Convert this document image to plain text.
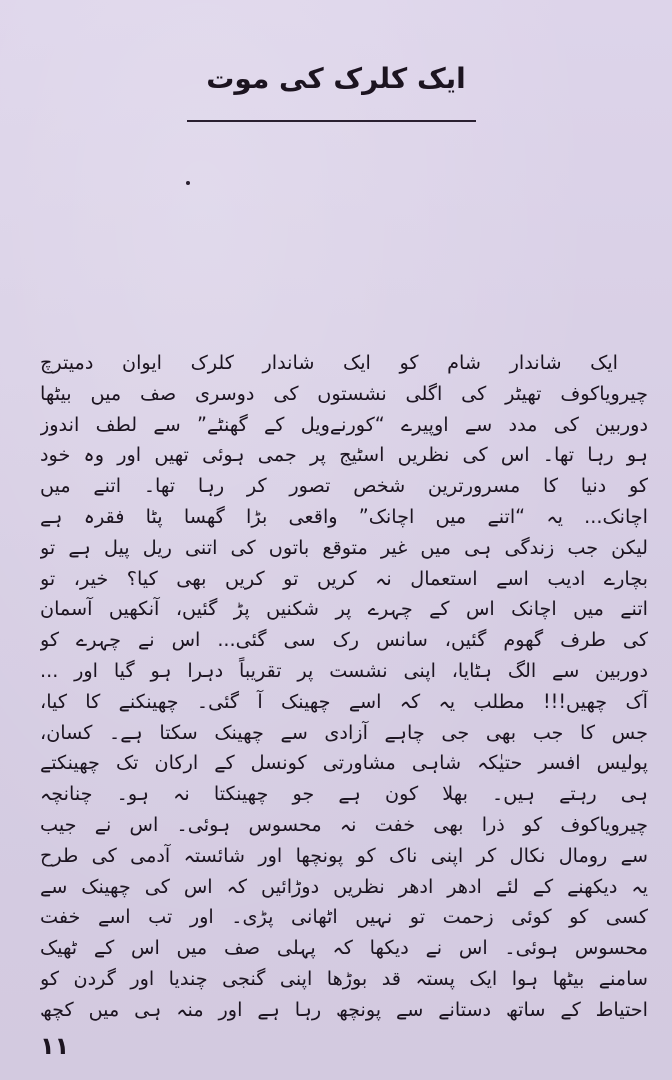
ایک کلرک کی موت
ایک شاندار شام کو ایک شاندار کلرک ایوان دمیترچ
چیرویاکوف تھیٹر کی اگلی نشستوں کی دوسری صف میں بیٹھا
دوربین کی مدد سے اوپیرے “کورنےویل کے گھنٹے” سے لطف اندوز
ہو رہا تھا۔ اس کی نظریں اسٹیج پر جمی ہوئی تھیں اور وہ خود
کو دنیا کا مسرورترین شخص تصور کر رہا تھا۔ اتنے میں
اچانک... یہ “اتنے میں اچانک” واقعی بڑا گھسا پٹا فقرہ ہے
لیکن جب زندگی ہی میں غیر متوقع باتوں کی اتنی ریل پیل ہے تو
بچارے ادیب اسے استعمال نہ کریں تو کریں بھی کیا؟ خیر، تو
اتنے میں اچانک اس کے چہرے پر شکنیں پڑ گئیں، آنکھیں آسمان
کی طرف گھوم گئیں، سانس رک سی گئی... اس نے چہرے کو
دوربین سے الگ ہٹایا، اپنی نشست پر تقریباً دہرا ہو گیا اور ...
آک چھیں!!! مطلب یہ کہ اسے چھینک آ گئی۔ چھینکنے کا کیا،
جس کا جب بھی جی چاہے آزادی سے چھینک سکتا ہے۔ کسان،
پولیس افسر حتیٰکہ شاہی مشاورتی کونسل کے ارکان تک چھینکتے
ہی رہتے ہیں۔ بھلا کون ہے جو چھینکتا نہ ہو۔ چنانچہ
چیرویاکوف کو ذرا بھی خفت نہ محسوس ہوئی۔ اس نے جیب
سے رومال نکال کر اپنی ناک کو پونچھا اور شائستہ آدمی کی طرح
یہ دیکھنے کے لئے ادھر ادھر نظریں دوڑائیں کہ اس کی چھینک سے
کسی کو کوئی زحمت تو نہیں اٹھانی پڑی۔ اور تب اسے خفت
محسوس ہوئی۔ اس نے دیکھا کہ پہلی صف میں اس کے ٹھیک
سامنے بیٹھا ہوا ایک پستہ قد بوڑھا اپنی گنجی چندیا اور گردن کو
احتیاط کے ساتھ دستانے سے پونچھ رہا ہے اور منہ ہی میں کچھ
۱۱
